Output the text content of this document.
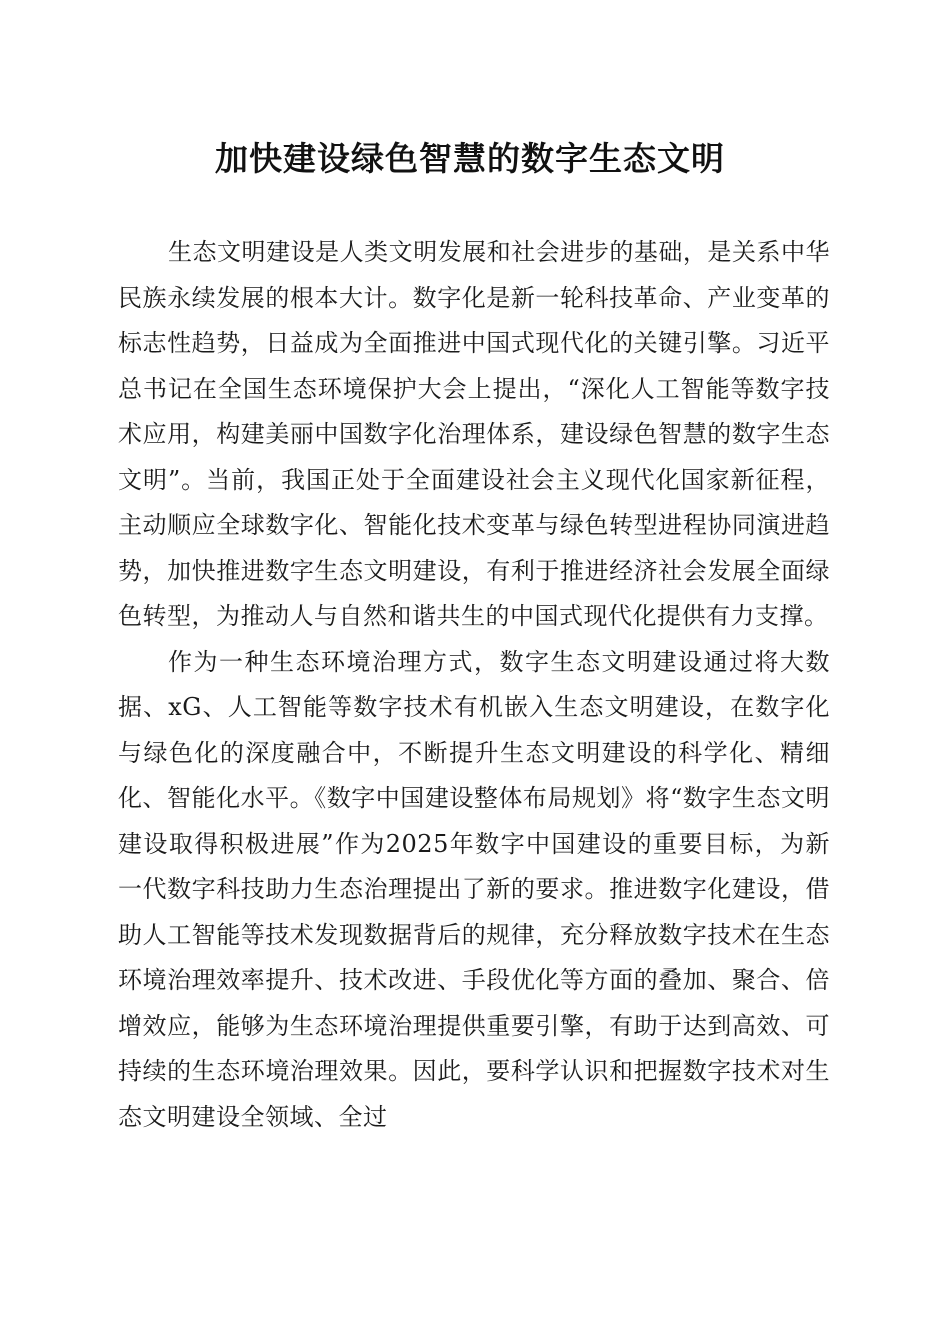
加快建设绿色智慧的数字生态文明

生态文明建设是人类文明发展和社会进步的基础，是关系中华民族永续发展的根本大计。数字化是新一轮科技革命、产业变革的标志性趋势，日益成为全面推进中国式现代化的关键引擎。习近平总书记在全国生态环境保护大会上提出，“深化人工智能等数字技术应用，构建美丽中国数字化治理体系，建设绿色智慧的数字生态文明”。当前，我国正处于全面建设社会主义现代化国家新征程，主动顺应全球数字化、智能化技术变革与绿色转型进程协同演进趋势，加快推进数字生态文明建设，有利于推进经济社会发展全面绿色转型，为推动人与自然和谐共生的中国式现代化提供有力支撑。

作为一种生态环境治理方式，数字生态文明建设通过将大数据、xG、人工智能等数字技术有机嵌入生态文明建设，在数字化与绿色化的深度融合中，不断提升生态文明建设的科学化、精细化、智能化水平。《数字中国建设整体布局规划》将“数字生态文明建设取得积极进展”作为2025年数字中国建设的重要目标，为新一代数字科技助力生态治理提出了新的要求。推进数字化建设，借助人工智能等技术发现数据背后的规律，充分释放数字技术在生态环境治理效率提升、技术改进、手段优化等方面的叠加、聚合、倍增效应，能够为生态环境治理提供重要引擎，有助于达到高效、可持续的生态环境治理效果。因此，要科学认识和把握数字技术对生态文明建设全领域、全过
